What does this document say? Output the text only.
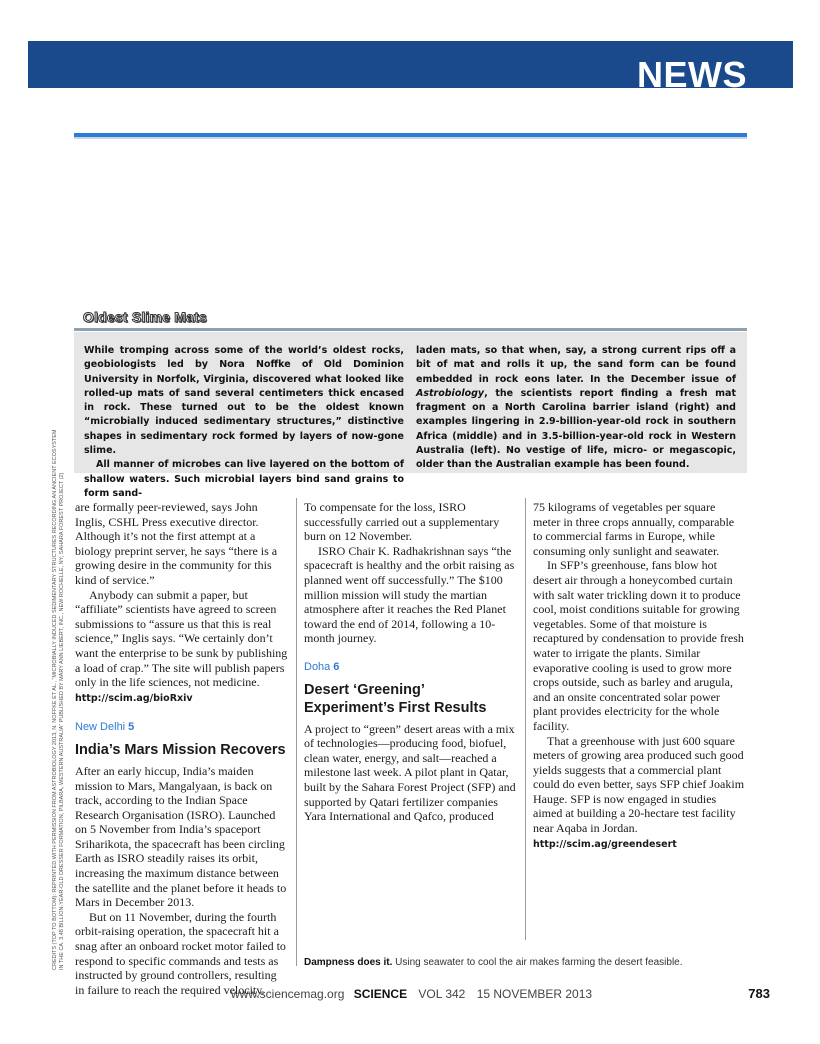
NEWS
Oldest Slime Mats

While tromping across some of the world’s oldest rocks, geobiologists led by Nora Noffke of Old Dominion University in Norfolk, Virginia, discovered what looked like rolled-up mats of sand several centimeters thick encased in rock. These turned out to be the oldest known “microbially induced sedimentary structures,” distinctive shapes in sedimentary rock formed by layers of now-gone slime.

All manner of microbes can live layered on the bottom of shallow waters. Such microbial layers bind sand grains to form sand-

laden mats, so that when, say, a strong current rips off a bit of mat and rolls it up, the sand form can be found embedded in rock eons later. In the December issue of Astrobiology, the scientists report finding a fresh mat fragment on a North Carolina barrier island (right) and examples lingering in 2.9-billion-year-old rock in southern Africa (middle) and in 3.5-billion-year-old rock in Western Australia (left). No vestige of life, micro- or megascopic, older than the Australian example has been found.

CREDITS (TOP TO BOTTOM): REPRINTED WITH PERMISSION FROM ASTROBIOLOGY 2013, N. NOFFKE ET AL., “MICROBIALLY INDUCED SEDIMENTARY STRUCTURES RECORDING AN ANCIENT ECOSYSTEM IN THE CA. 3.48 BILLION-YEAR-OLD DRESSER FORMATION, PILBARA, WESTERN AUSTRALIA” PUBLISHED BY MARY ANN LIEBERT, INC., NEW ROCHELLE, NY; SAHARA FOREST PROJECT (2) are formally peer-reviewed, says John Inglis, CSHL Press executive director. Although it’s not the first attempt at a biology preprint server, he says “there is a growing desire in the community for this kind of service.”

Anybody can submit a paper, but “affiliate” scientists have agreed to screen submissions to “assure us that this is real science,” Inglis says. “We certainly don’t want the enterprise to be sunk by publishing a load of crap.” The site will publish papers only in the life sciences, not medicine. http://scim.ag/bioRxiv

New Delhi 5
India’s Mars Mission Recovers

After an early hiccup, India’s maiden mission to Mars, Mangalyaan, is back on track, according to the Indian Space Research Organisation (ISRO). Launched on 5 November from India’s spaceport Sriharikota, the spacecraft has been circling Earth as ISRO steadily raises its orbit, increasing the maximum distance between the satellite and the planet before it heads to Mars in December 2013.

But on 11 November, during the fourth orbit-raising operation, the spacecraft hit a snag after an onboard rocket motor failed to respond to specific commands and tests as instructed by ground controllers, resulting in failure to reach the required velocity.

To compensate for the loss, ISRO successfully carried out a supplementary burn on 12 November.

ISRO Chair K. Radhakrishnan says “the spacecraft is healthy and the orbit raising as planned went off successfully.” The $100 million mission will study the martian atmosphere after it reaches the Red Planet toward the end of 2014, following a 10-month journey.

Doha 6
Desert ‘Greening’ Experiment’s First Results

A project to “green” desert areas with a mix of technologies—producing food, biofuel, clean water, energy, and salt—reached a milestone last week. A pilot plant in Qatar, built by the Sahara Forest Project (SFP) and supported by Qatari fertilizer companies Yara International and Qafco, produced

75 kilograms of vegetables per square meter in three crops annually, comparable to commercial farms in Europe, while consuming only sunlight and seawater.

In SFP’s greenhouse, fans blow hot desert air through a honeycombed curtain with salt water trickling down it to produce cool, moist conditions suitable for growing vegetables. Some of that moisture is recaptured by condensation to provide fresh water to irrigate the plants. Similar evaporative cooling is used to grow more crops outside, such as barley and arugula, and an onsite concentrated solar power plant provides electricity for the whole facility.

That a greenhouse with just 600 square meters of growing area produced such good yields suggests that a commercial plant could do even better, says SFP chief Joakim Hauge. SFP is now engaged in studies aimed at building a 20-hectare test facility near Aqaba in Jordan. http://scim.ag/greendesert

Dampness does it. Using seawater to cool the air makes farming the desert feasible.
www.sciencemag.org SCIENCE VOL 342 15 NOVEMBER 2013	783
